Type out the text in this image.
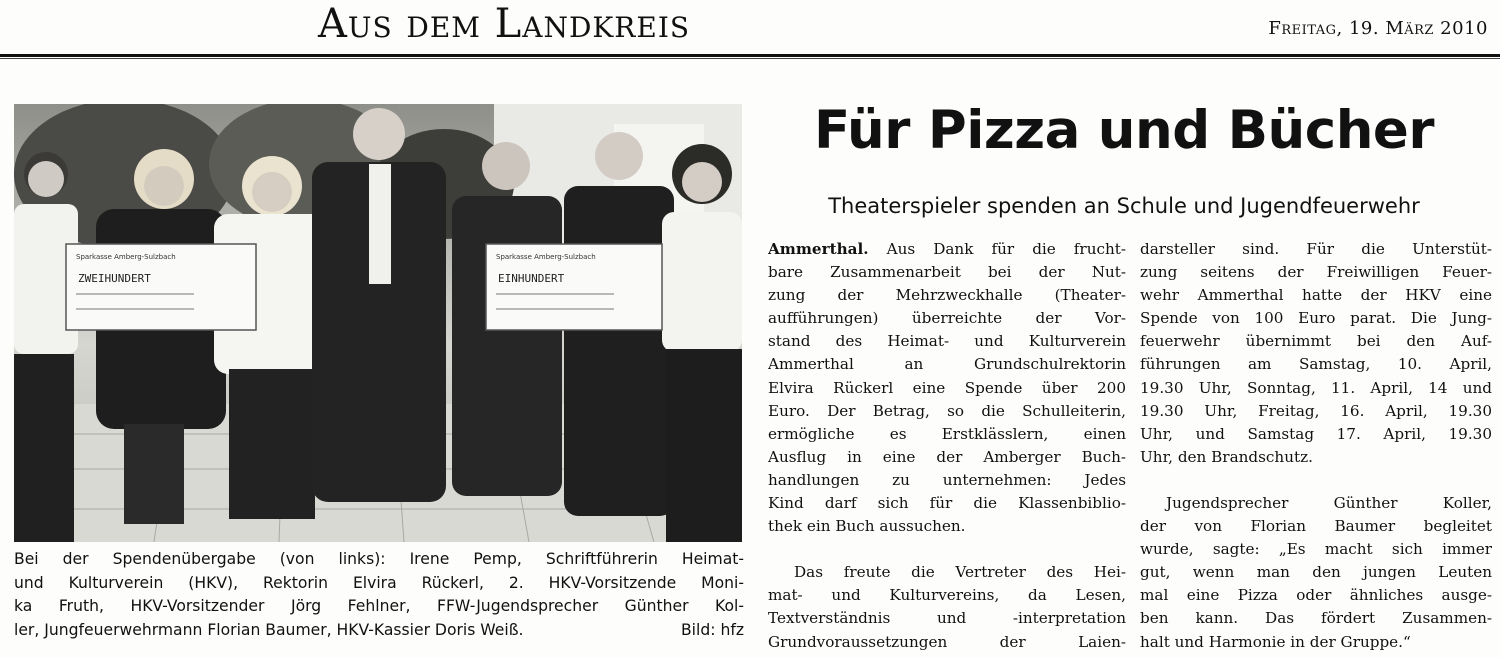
Aus dem Landkreis	Freitag, 19. März 2010
Sparkasse Amberg-Sulzbach
ZWEIHUNDERT
Sparkasse Amberg-Sulzbach
EINHUNDERT
Bei der Spendenübergabe (von links): Irene Pemp, Schriftführerin Heimat-
und Kulturverein (HKV), Rektorin Elvira Rückerl, 2. HKV-Vorsitzende Moni-
ka Fruth, HKV-Vorsitzender Jörg Fehlner, FFW-Jugendsprecher Günther Kol-
ler, Jungfeuerwehrmann Florian Baumer, HKV-Kassier Doris Weiß.	Bild: hfz
Für Pizza und Bücher
Theaterspieler spenden an Schule und Jugendfeuerwehr
Ammerthal. Aus Dank für die frucht-
bare Zusammenarbeit bei der Nut-
zung der Mehrzweckhalle (Theater-
aufführungen) überreichte der Vor-
stand des Heimat- und Kulturverein
Ammerthal an Grundschulrektorin
Elvira Rückerl eine Spende über 200
Euro. Der Betrag, so die Schulleiterin,
ermögliche es Erstklässlern, einen
Ausflug in eine der Amberger Buch-
handlungen zu unternehmen: Jedes
Kind darf sich für die Klassenbiblio-
thek ein Buch aussuchen.
Das freute die Vertreter des Hei-
mat- und Kulturvereins, da Lesen,
Textverständnis und -interpretation
Grundvoraussetzungen der Laien-
darsteller sind. Für die Unterstüt-
zung seitens der Freiwilligen Feuer-
wehr Ammerthal hatte der HKV eine
Spende von 100 Euro parat. Die Jung-
feuerwehr übernimmt bei den Auf-
führungen am Samstag, 10. April,
19.30 Uhr, Sonntag, 11. April, 14 und
19.30 Uhr, Freitag, 16. April, 19.30
Uhr, und Samstag 17. April, 19.30
Uhr, den Brandschutz.
Jugendsprecher Günther Koller,
der von Florian Baumer begleitet
wurde, sagte: „Es macht sich immer
gut, wenn man den jungen Leuten
mal eine Pizza oder ähnliches ausge-
ben kann. Das fördert Zusammen-
halt und Harmonie in der Gruppe.“
